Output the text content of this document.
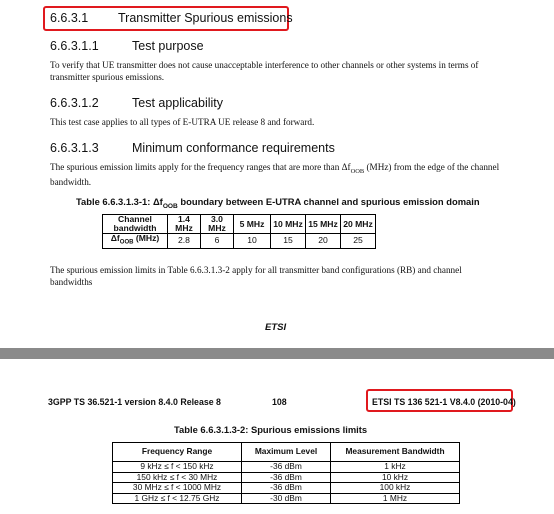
6.6.3.1 Transmitter Spurious emissions
6.6.3.1.1	Test purpose
To verify that UE transmitter does not cause unacceptable interference to other channels or other systems in terms of transmitter spurious emissions.
6.6.3.1.2	Test applicability
This test case applies to all types of E-UTRA UE release 8 and forward.
6.6.3.1.3	Minimum conformance requirements
The spurious emission limits apply for the frequency ranges that are more than $\Delta f_{OOB}$ (MHz) from the edge of the channel bandwidth.
Table 6.6.3.1.3-1: $\Delta f_{OOB}$ boundary between E-UTRA channel and spurious emission domain
Channel bandwidth	1.4 MHz	3.0 MHz	5 MHz	10 MHz	15 MHz	20 MHz
$\Delta f_{OOB}$ (MHz)	2.8	6	10	15	20	25
The spurious emission limits in Table 6.6.3.1.3-2 apply for all transmitter band configurations (RB) and channel bandwidths
ETSI
3GPP TS 36.521-1 version 8.4.0 Release 8	108	ETSI TS 136 521-1 V8.4.0 (2010-04)
Table 6.6.3.1.3-2: Spurious emissions limits
Frequency Range	Maximum Level	Measurement Bandwidth
9 kHz ≤ f < 150 kHz	-36 dBm	1 kHz
150 kHz ≤ f < 30 MHz	-36 dBm	10 kHz
30 MHz ≤ f < 1000 MHz	-36 dBm	100 kHz
1 GHz ≤ f < 12.75 GHz	-30 dBm	1 MHz
